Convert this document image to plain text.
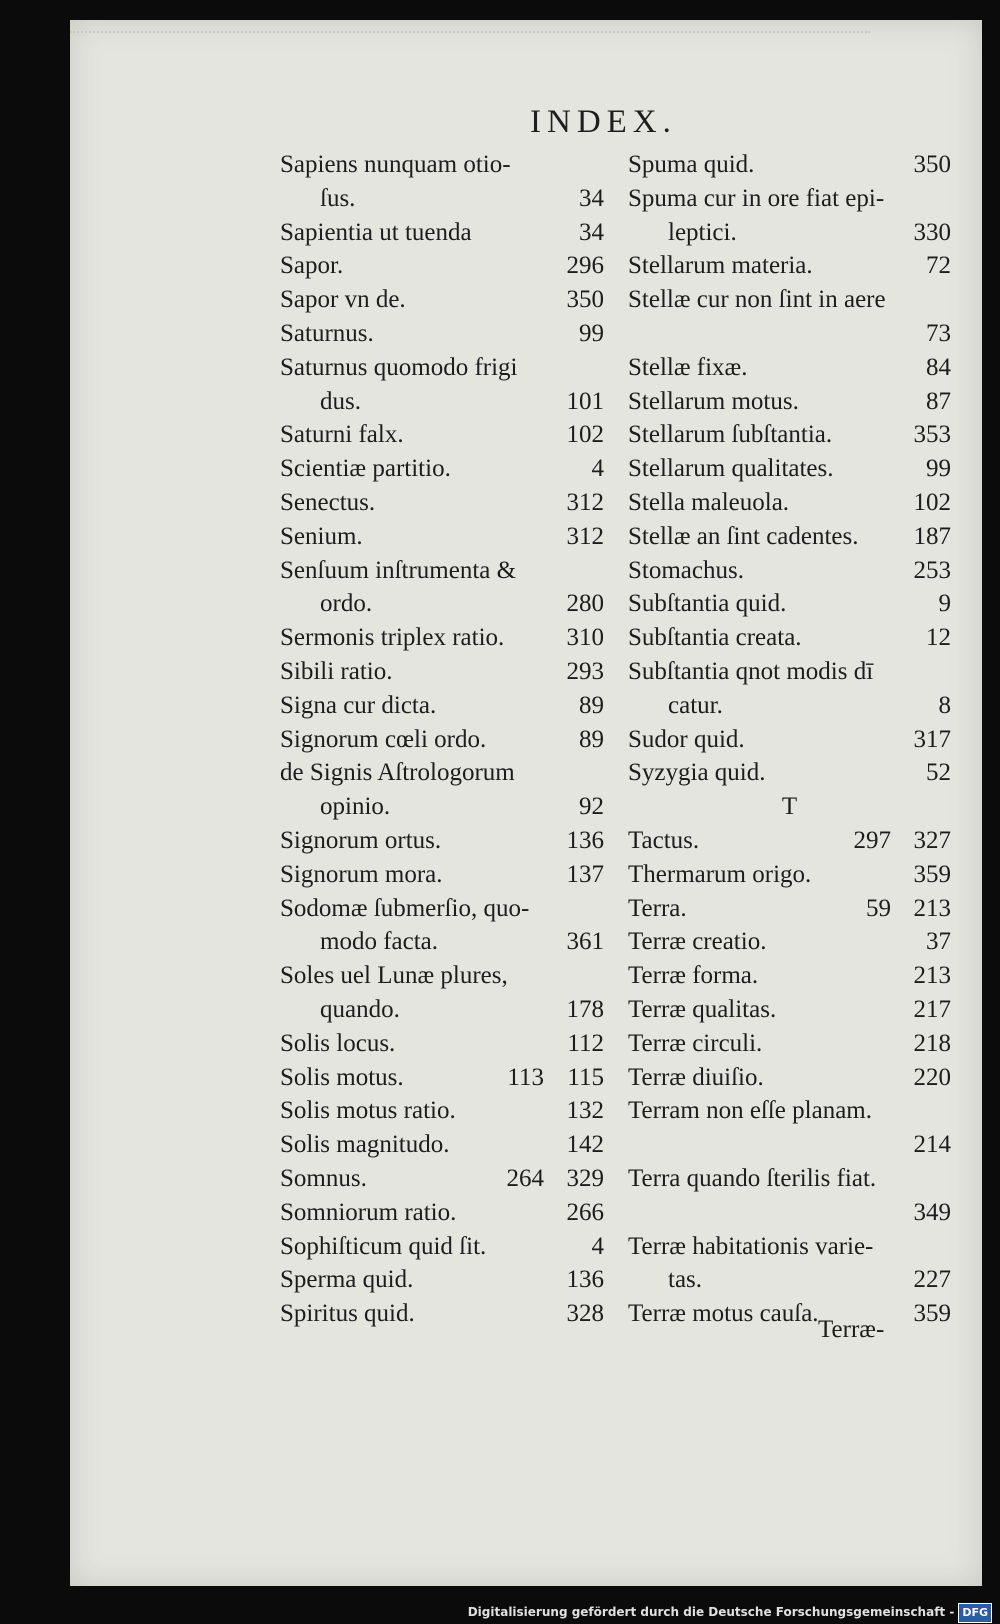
INDEX.
Sapiens nunquam otio-
ſus.	34
Sapientia ut tuenda	34
Sapor.	296
Sapor vn de.	350
Saturnus.	99
Saturnus quomodo frigi
dus.	101
Saturni falx.	102
Scientiæ partitio.	4
Senectus.	312
Senium.	312
Senſuum inſtrumenta &
ordo.	280
Sermonis triplex ratio. 310
Sibili ratio.	293
Signa cur dicta.	89
Signorum cœli ordo.	89
de Signis Aſtrologorum
opinio.	92
Signorum ortus.	136
Signorum mora.	137
Sodomæ ſubmerſio, quo-
modo facta.	361
Soles uel Lunæ plures,
quando.	178
Solis locus.	112
Solis motus.	113 115
Solis motus ratio.	132
Solis magnitudo.	142
Somnus.	264 329
Somniorum ratio.	266
Sophiſticum quid ſit.	4
Sperma quid.	136
Spiritus quid.	328
Spuma quid.	350
Spuma cur in ore fiat epi-
leptici.	330
Stellarum materia.	72
Stellæ cur non ſint in aere
73
Stellæ fixæ.	84
Stellarum motus.	87
Stellarum ſubſtantia.	353
Stellarum qualitates.	99
Stella maleuola.	102
Stellæ an ſint cadentes. 187
Stomachus.	253
Subſtantia quid.	9
Subſtantia creata.	12
Subſtantia qnot modis dī
catur.	8
Sudor quid.	317
Syzygia quid.	52
T
Tactus.	297 327
Thermarum origo.	359
Terra.	59 213
Terræ creatio.	37
Terræ forma.	213
Terræ qualitas.	217
Terræ circuli.	218
Terræ diuiſio.	220
Terram non eſſe planam.
214
Terra quando ſterilis fiat.
349
Terræ habitationis varie-
tas.	227
Terræ motus cauſa.	359
Terræ-
Digitalisierung gefördert durch die Deutsche Forschungsgemeinschaft - DFG
